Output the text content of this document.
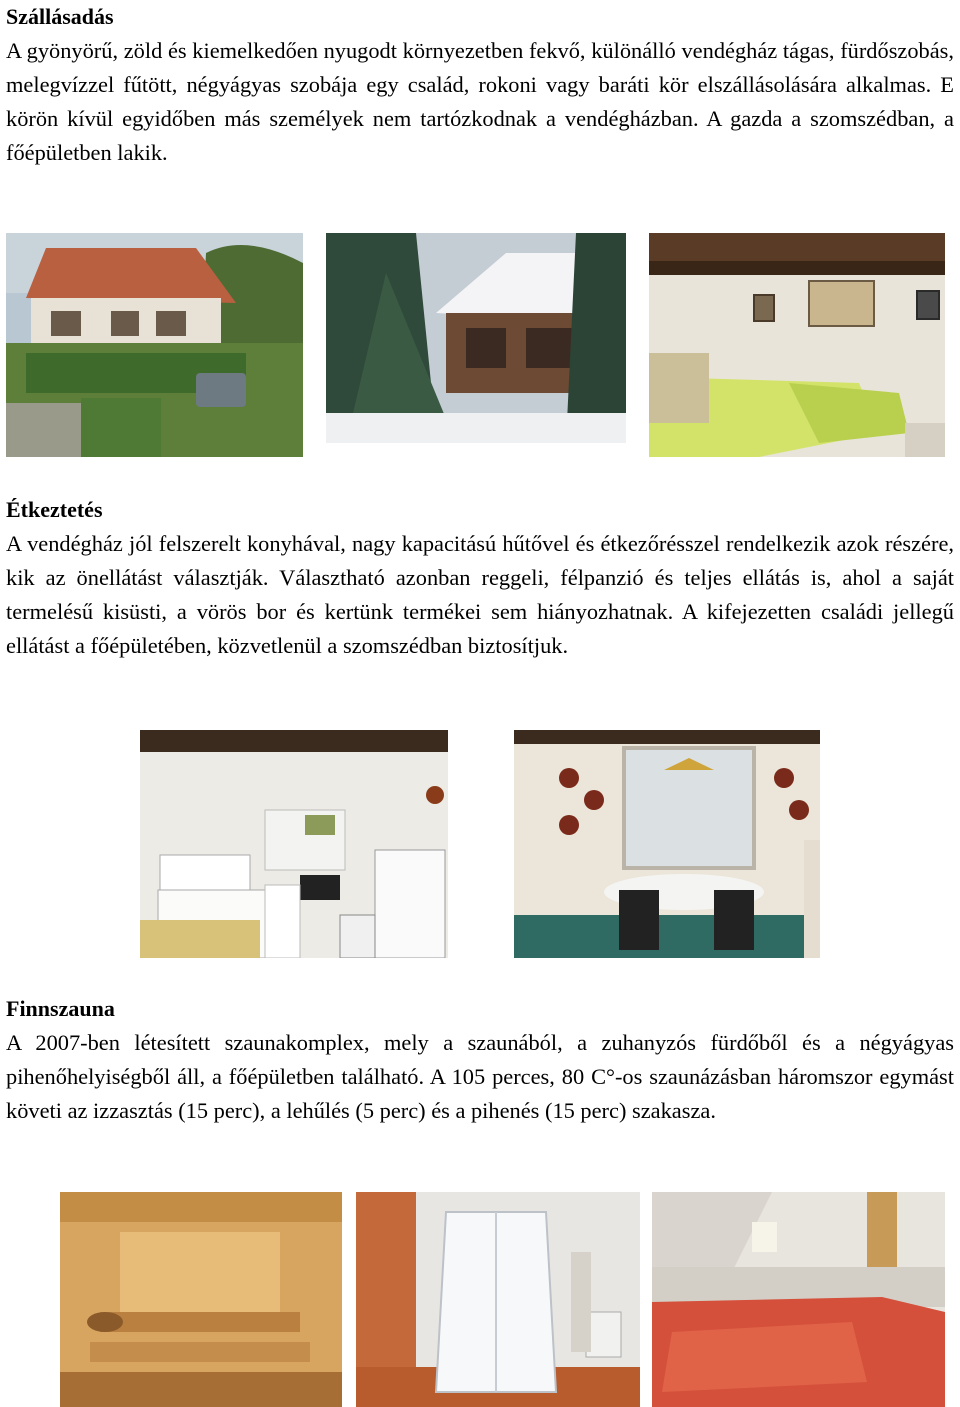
Szállásadás

A gyönyörű, zöld és kiemelkedően nyugodt környezetben fekvő, különálló vendégház tágas, fürdőszobás, melegvízzel fűtött, négyágyas szobája egy család, rokoni vagy baráti kör elszállásolására alkalmas. E körön kívül egyidőben más személyek nem tartózkodnak a vendégházban. A gazda a szomszédban, a főépületben lakik.

Étkeztetés

A vendégház jól felszerelt konyhával, nagy kapacitású hűtővel és étkezőrésszel rendelkezik azok részére, kik az önellátást választják. Választható azonban reggeli, félpanzió és teljes ellátás is, ahol a saját termelésű kisüsti, a vörös bor és kertünk termékei sem hiányozhatnak. A kifejezetten családi jellegű ellátást a főépületében, közvetlenül a szomszédban biztosítjuk.

Finnszauna

A 2007-ben létesített szaunakomplex, mely a szaunából, a zuhanyzós fürdőből és a négyágyas pihenőhelyiségből áll, a főépületben található. A 105 perces, 80 C°-os szaunázásban háromszor egymást követi az izzasztás (15 perc), a lehűlés (5 perc) és a pihenés (15 perc) szakasza.
